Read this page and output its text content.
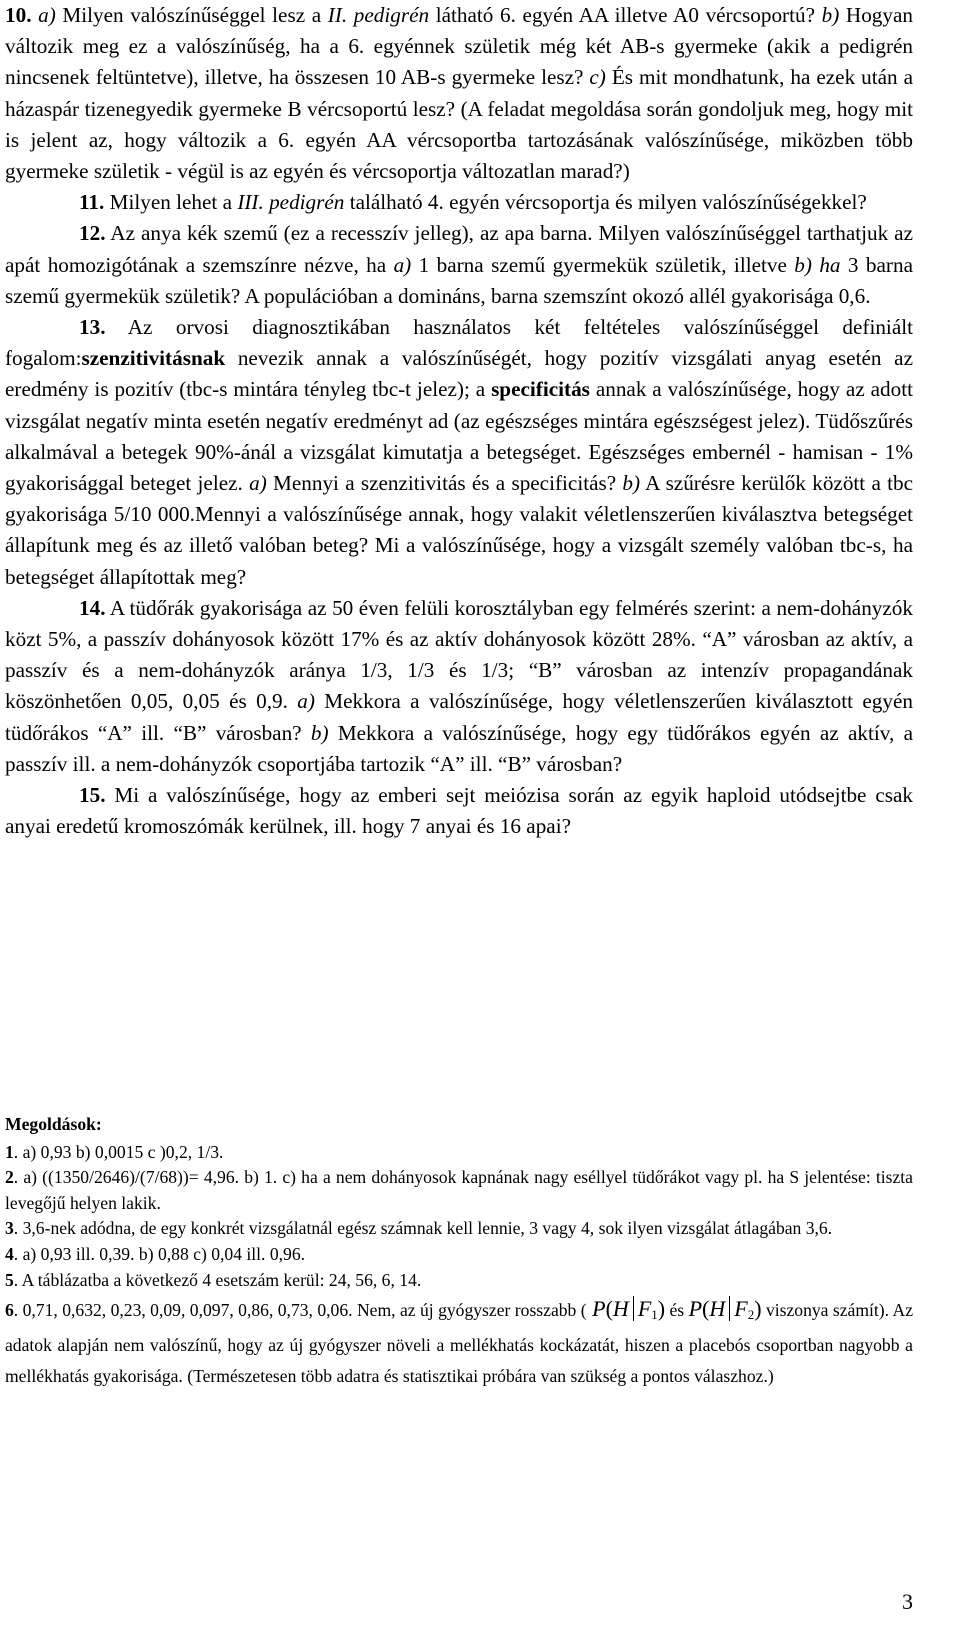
10. a) Milyen valószínűséggel lesz a II. pedigrén látható 6. egyén AA illetve A0 vércsoportú? b) Hogyan változik meg ez a valószínűség, ha a 6. egyénnek születik még két AB-s gyermeke (akik a pedigrén nincsenek feltüntetve), illetve, ha összesen 10 AB-s gyermeke lesz? c) És mit mondhatunk, ha ezek után a házaspár tizenegyedik gyermeke B vércsoportú lesz? (A feladat megoldása során gondoljuk meg, hogy mit is jelent az, hogy változik a 6. egyén AA vércsoportba tartozásának valószínűsége, miközben több gyermeke születik - végül is az egyén és vércsoportja változatlan marad?)

11. Milyen lehet a III. pedigrén található 4. egyén vércsoportja és milyen valószínűségekkel?

12. Az anya kék szemű (ez a recesszív jelleg), az apa barna. Milyen valószínűséggel tarthatjuk az apát homozigótának a szemszínre nézve, ha a) 1 barna szemű gyermekük születik, illetve b) ha 3 barna szemű gyermekük születik? A populációban a domináns, barna szemszínt okozó allél gyakorisága 0,6.

13. Az orvosi diagnosztikában használatos két feltételes valószínűséggel definiált fogalom:szenzitivitásnak nevezik annak a valószínűségét, hogy pozitív vizsgálati anyag esetén az eredmény is pozitív (tbc-s mintára tényleg tbc-t jelez); a specificitás annak a valószínűsége, hogy az adott vizsgálat negatív minta esetén negatív eredményt ad (az egészséges mintára egészségest jelez). Tüdőszűrés alkalmával a betegek 90%-ánál a vizsgálat kimutatja a betegséget. Egészséges embernél - hamisan - 1% gyakorisággal beteget jelez. a) Mennyi a szenzitivitás és a specificitás? b) A szűrésre kerülők között a tbc gyakorisága 5/10 000.Mennyi a valószínűsége annak, hogy valakit véletlenszerűen kiválasztva betegséget állapítunk meg és az illető valóban beteg? Mi a valószínűsége, hogy a vizsgált személy valóban tbc-s, ha betegséget állapítottak meg?

14. A tüdőrák gyakorisága az 50 éven felüli korosztályban egy felmérés szerint: a nem-dohányzók közt 5%, a passzív dohányosok között 17% és az aktív dohányosok között 28%. “A” városban az aktív, a passzív és a nem-dohányzók aránya 1/3, 1/3 és 1/3; “B” városban az intenzív propagandának köszönhetően 0,05, 0,05 és 0,9. a) Mekkora a valószínűsége, hogy véletlenszerűen kiválasztott egyén tüdőrákos “A” ill. “B” városban? b) Mekkora a valószínűsége, hogy egy tüdőrákos egyén az aktív, a passzív ill. a nem-dohányzók csoportjába tartozik “A” ill. “B” városban?

15. Mi a valószínűsége, hogy az emberi sejt meiózisa során az egyik haploid utódsejtbe csak anyai eredetű kromoszómák kerülnek, ill. hogy 7 anyai és 16 apai?

Megoldások:

1. a) 0,93 b) 0,0015 c )0,2, 1/3.

2. a) ((1350/2646)/(7/68))= 4,96. b) 1. c) ha a nem dohányosok kapnának nagy eséllyel tüdőrákot vagy pl. ha S jelentése: tiszta levegőjű helyen lakik.

3. 3,6-nek adódna, de egy konkrét vizsgálatnál egész számnak kell lennie, 3 vagy 4, sok ilyen vizsgálat átlagában 3,6.

4. a) 0,93 ill. 0,39. b) 0,88 c) 0,04 ill. 0,96.

5. A táblázatba a következő 4 esetszám kerül: 24, 56, 6, 14.

6. 0,71, 0,632, 0,23, 0,09, 0,097, 0,86, 0,73, 0,06. Nem, az új gyógyszer rosszabb ( P(H $F_1$) és P(H $F_2$) viszonya számít). Az adatok alapján nem valószínű, hogy az új gyógyszer növeli a mellékhatás kockázatát, hiszen a placebós csoportban nagyobb a mellékhatás gyakorisága. (Természetesen több adatra és statisztikai próbára van szükség a pontos válaszhoz.)

3
